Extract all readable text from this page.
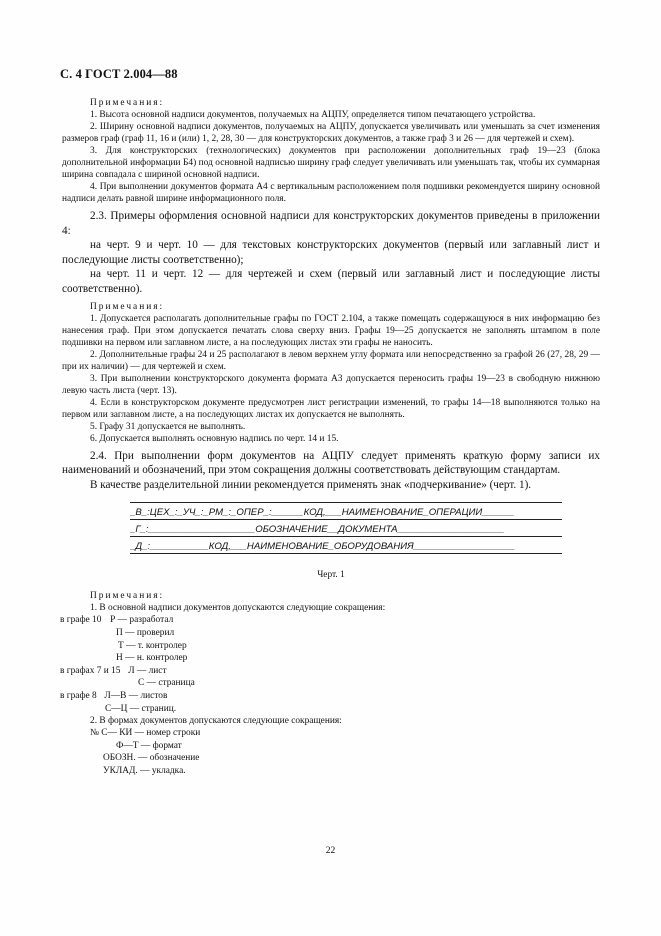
С. 4 ГОСТ 2.004—88

Примечания:

1. Высота основной надписи документов, получаемых на АЦПУ, определяется типом печатающего устройства.

2. Ширину основной надписи документов, получаемых на АЦПУ, допускается увеличивать или уменьшать за счет изменения размеров граф (граф 11, 16 и (или) 1, 2, 28, 30 — для конструкторских документов, а также граф 3 и 26 — для чертежей и схем).

3. Для конструкторских (технологических) документов при расположении дополнительных граф 19—23 (блока дополнительной информации Б4) под основной надписью ширину граф следует увеличивать или уменьшать так, чтобы их суммарная ширина совпадала с шириной основной надписи.

4. При выполнении документов формата А4 с вертикальным расположением поля подшивки рекомендуется ширину основной надписи делать равной ширине информационного поля.

2.3. Примеры оформления основной надписи для конструкторских документов приведены в приложении 4:

на черт. 9 и черт. 10 — для текстовых конструкторских документов (первый или заглавный лист и последующие листы соответственно);

на черт. 11 и черт. 12 — для чертежей и схем (первый или заглавный лист и последующие листы соответственно).

Примечания:

1. Допускается располагать дополнительные графы по ГОСТ 2.104, а также помещать содержащуюся в них информацию без нанесения граф. При этом допускается печатать слова сверху вниз. Графы 19—25 допускается не заполнять штампом в поле подшивки на первом или заглавном листе, а на последующих листах эти графы не наносить.

2. Дополнительные графы 24 и 25 располагают в левом верхнем углу формата или непосредственно за графой 26 (27, 28, 29 — при их наличии) — для чертежей и схем.

3. При выполнении конструкторского документа формата А3 допускается переносить графы 19—23 в свободную нижнюю левую часть листа (черт. 13).

4. Если в конструкторском документе предусмотрен лист регистрации изменений, то графы 14—18 выполняются только на первом или заглавном листе, а на последующих листах их допускается не выполнять.

5. Графу 31 допускается не выполнять.

6. Допускается выполнять основную надпись по черт. 14 и 15.

2.4. При выполнении форм документов на АЦПУ следует применять краткую форму записи их наименований и обозначений, при этом сокращения должны соответствовать действующим стандартам.

В качестве разделительной линии рекомендуется применять знак «подчеркивание» (черт. 1).

_В_:ЦЕХ_:_УЧ_:_РМ_:_ОПЕР_:______КОД,___НАИМЕНОВАНИЕ_ОПЕРАЦИИ______
_Г_:____________________ОБОЗНАЧЕНИЕ__ДОКУМЕНТА____________________
_Д_:___________КОД,___НАИМЕНОВАНИЕ_ОБОРУДОВАНИЯ___________________
Черт. 1

Примечания:

1. В основной надписи документов допускаются следующие сокращения:

в графе 10 Р — разработал
П — проверил
Т — т. контролер
Н — н. контролер
в графах 7 и 15 Л — лист
С — страница
в графе 8 Л—В — листов
С—Ц — страниц.

2. В формах документов допускаются следующие сокращения:

№ С— КИ — номер строки
Ф—Т — формат
ОБОЗН. — обозначение
УКЛАД. — укладка.
22
